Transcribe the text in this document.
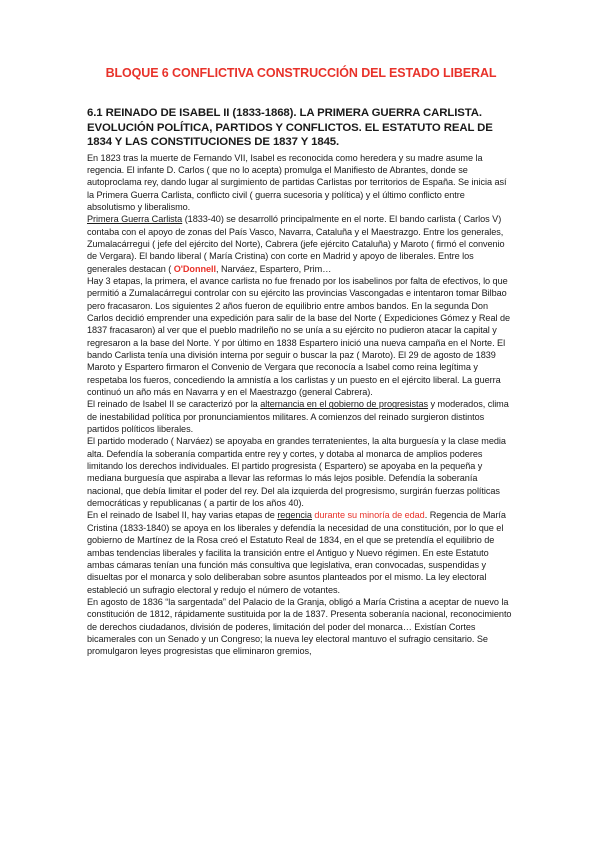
BLOQUE 6 CONFLICTIVA CONSTRUCCIÓN DEL ESTADO LIBERAL
6.1 REINADO DE ISABEL II (1833-1868). LA PRIMERA GUERRA CARLISTA. EVOLUCIÓN POLÍTICA, PARTIDOS Y CONFLICTOS. EL ESTATUTO REAL DE 1834 Y LAS CONSTITUCIONES DE 1837 Y 1845.

En 1823 tras la muerte de Fernando VII, Isabel es reconocida como heredera y su madre asume la regencia. El infante D. Carlos ( que no lo acepta) promulga el Manifiesto de Abrantes, donde se autoproclama rey, dando lugar al surgimiento de partidas Carlistas por territorios de España. Se inicia así la Primera Guerra Carlista, conflicto civil ( guerra sucesoria y política) y el último conflicto entre absolutismo y liberalismo.

Primera Guerra Carlista (1833-40) se desarrolló principalmente en el norte. El bando carlista ( Carlos V) contaba con el apoyo de zonas del País Vasco, Navarra, Cataluña y el Maestrazgo. Entre los generales, Zumalacárregui ( jefe del ejército del Norte), Cabrera (jefe ejército Cataluña) y Maroto ( firmó el convenio de Vergara). El bando liberal ( María Cristina) con corte en Madrid y apoyo de liberales. Entre los generales destacan ( O'Donnell, Narváez, Espartero, Prim…

Hay 3 etapas, la primera, el avance carlista no fue frenado por los isabelinos por falta de efectivos, lo que permitió a Zumalacárregui controlar con su ejército las provincias Vascongadas e intentaron tomar Bilbao pero fracasaron. Los siguientes 2 años fueron de equilibrio entre ambos bandos. En la segunda Don Carlos decidió emprender una expedición para salir de la base del Norte ( Expediciones Gómez y Real de 1837 fracasaron) al ver que el pueblo madrileño no se unía a su ejército no pudieron atacar la capital y regresaron a la base del Norte. Y por último en 1838 Espartero inició una nueva campaña en el Norte. El bando Carlista tenía una división interna por seguir o buscar la paz ( Maroto). El 29 de agosto de 1839 Maroto y Espartero firmaron el Convenio de Vergara que reconocía a Isabel como reina legítima y respetaba los fueros, concediendo la amnistía a los carlistas y un puesto en el ejército liberal. La guerra continuó un año más en Navarra y en el Maestrazgo (general Cabrera).

El reinado de Isabel II se caracterizó por la alternancia en el gobierno de progresistas y moderados, clima de inestabilidad política por pronunciamientos militares. A comienzos del reinado surgieron distintos partidos políticos liberales.

El partido moderado ( Narváez) se apoyaba en grandes terratenientes, la alta burguesía y la clase media alta. Defendía la soberanía compartida entre rey y cortes, y dotaba al monarca de amplios poderes limitando los derechos individuales. El partido progresista ( Espartero) se apoyaba en la pequeña y mediana burguesía que aspiraba a llevar las reformas lo más lejos posible. Defendía la soberanía nacional, que debía limitar el poder del rey. Del ala izquierda del progresismo, surgirán fuerzas políticas democráticas y republicanas ( a partir de los años 40).

En el reinado de Isabel II, hay varias etapas de regencia durante su minoría de edad. Regencia de María Cristina (1833-1840) se apoya en los liberales y defendía la necesidad de una constitución, por lo que el gobierno de Martínez de la Rosa creó el Estatuto Real de 1834, en el que se pretendía el equilibrio de ambas tendencias liberales y facilita la transición entre el Antiguo y Nuevo régimen. En este Estatuto ambas cámaras tenían una función más consultiva que legislativa, eran convocadas, suspendidas y disueltas por el monarca y solo deliberaban sobre asuntos planteados por el mismo. La ley electoral estableció un sufragio electoral y redujo el número de votantes.

En agosto de 1836 “la sargentada” del Palacio de la Granja, obligó a María Cristina a aceptar de nuevo la constitución de 1812, rápidamente sustituida por la de 1837. Presenta soberanía nacional, reconocimiento de derechos ciudadanos, división de poderes, limitación del poder del monarca… Existían Cortes bicamerales con un Senado y un Congreso; la nueva ley electoral mantuvo el sufragio censitario. Se promulgaron leyes progresistas que eliminaron gremios,
